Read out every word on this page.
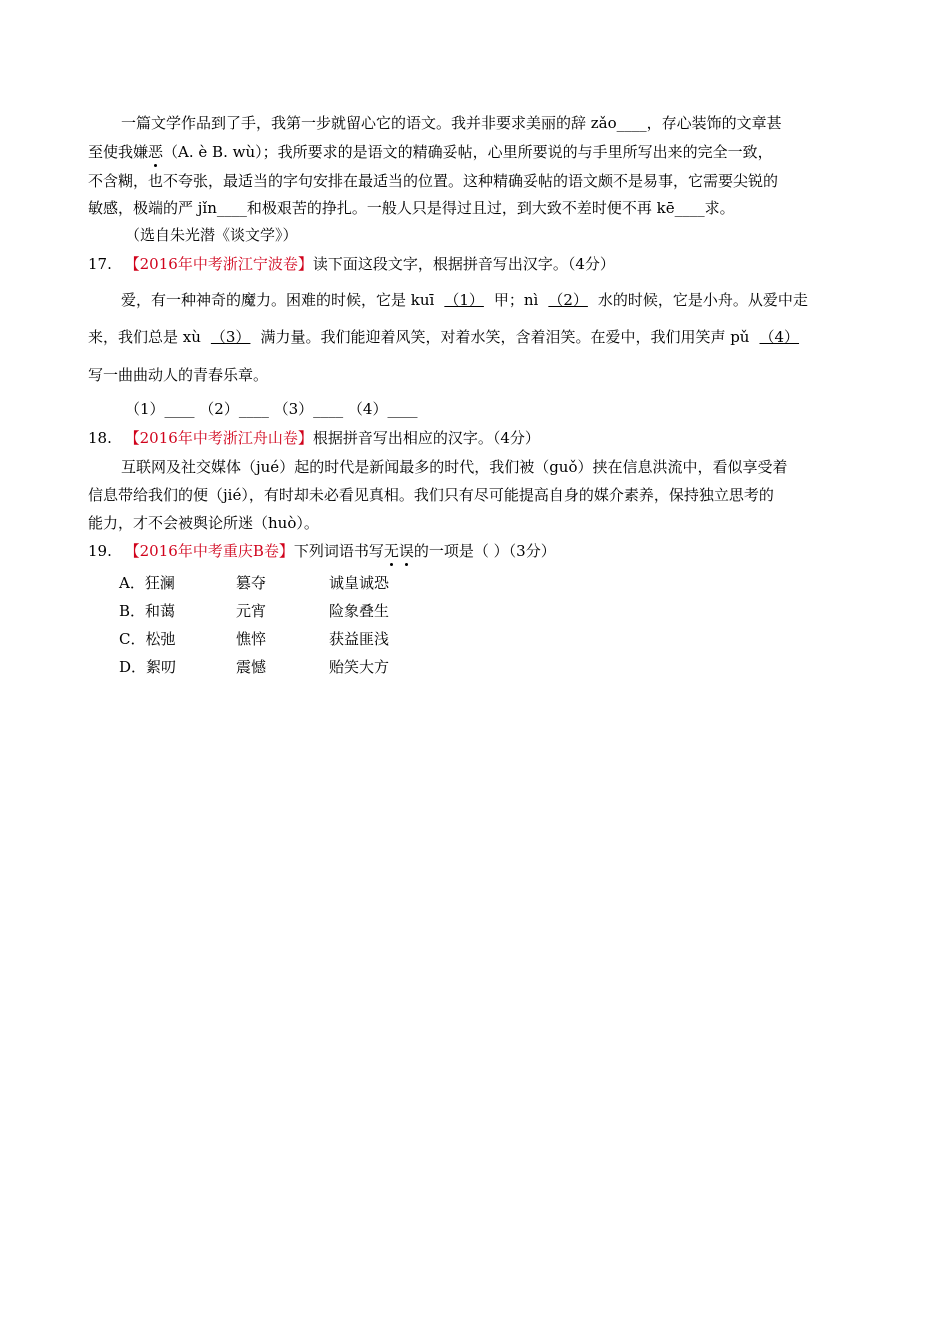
一篇文学作品到了手，我第一步就留心它的语文。我并非要求美丽的辞 zǎo____，存心装饰的文章甚
至使我嫌恶（A. è B. wù）；我所要求的是语文的精确妥帖，心里所要说的与手里所写出来的完全一致，
不含糊，也不夸张，最适当的字句安排在最适当的位置。这种精确妥帖的语文颇不是易事，它需要尖锐的
敏感，极端的严 jǐn____和极艰苦的挣扎。一般人只是得过且过，到大致不差时便不再 kē____求。
（选自朱光潜《谈文学》）
17. 【2016年中考浙江宁波卷】读下面这段文字，根据拼音写出汉字。（4分）
爱，有一种神奇的魔力。困难的时候，它是 kuī （1） 甲；nì （2） 水的时候，它是小舟。从爱中走
来，我们总是 xù （3） 满力量。我们能迎着风笑，对着水笑，含着泪笑。在爱中，我们用笑声 pǔ （4）
写一曲曲动人的青春乐章。
（1）____ （2）____ （3）____ （4）____
18. 【2016年中考浙江舟山卷】根据拼音写出相应的汉字。（4分）
互联网及社交媒体（jué）起的时代是新闻最多的时代，我们被（guǒ）挟在信息洪流中，看似享受着
信息带给我们的便（jié），有时却未必看见真相。我们只有尽可能提高自身的媒介素养，保持独立思考的
能力，才不会被舆论所迷（huò）。
19. 【2016年中考重庆B卷】下列词语书写无误的一项是（ ）（3分）
A．狂澜	篡夺	诚皇诚恐
B．和蔼	元宵	险象叠生
C．松弛	憔悴	获益匪浅
D．絮叨	震憾	贻笑大方
